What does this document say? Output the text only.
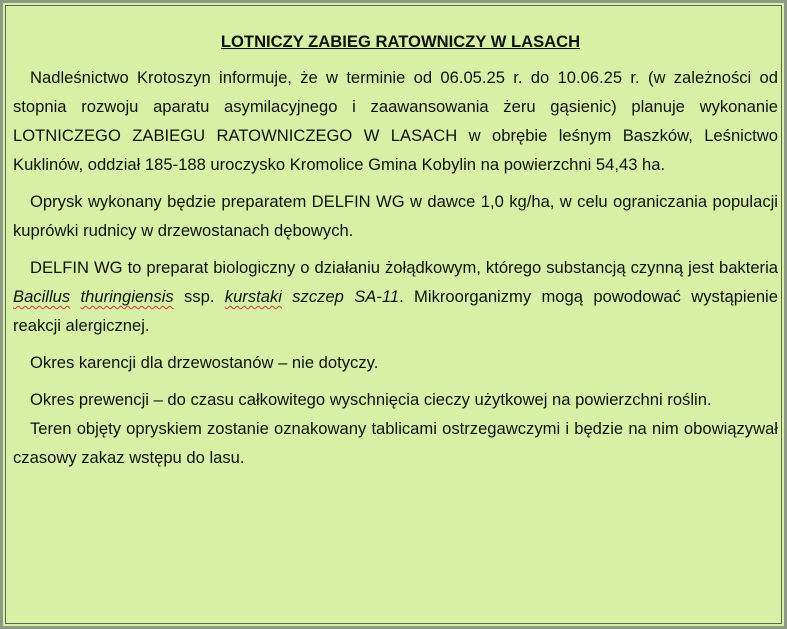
LOTNICZY ZABIEG RATOWNICZY W LASACH

Nadleśnictwo Krotoszyn informuje, że w terminie od 06.05.25 r. do 10.06.25 r. (w zależności od stopnia rozwoju aparatu asymilacyjnego i zaawansowania żeru gąsienic) planuje wykonanie LOTNICZEGO ZABIEGU RATOWNICZEGO W LASACH w obrębie leśnym Baszków, Leśnictwo Kuklinów, oddział 185-188 uroczysko Kromolice Gmina Kobylin na powierzchni 54,43 ha.

Oprysk wykonany będzie preparatem DELFIN WG w dawce 1,0 kg/ha, w celu ograniczania populacji kuprówki rudnicy w drzewostanach dębowych.

DELFIN WG to preparat biologiczny o działaniu żołądkowym, którego substancją czynną jest bakteria Bacillus thuringiensis ssp. kurstaki szczep SA-11. Mikroorganizmy mogą powodować wystąpienie reakcji alergicznej.

Okres karencji dla drzewostanów – nie dotyczy.

Okres prewencji – do czasu całkowitego wyschnięcia cieczy użytkowej na powierzchni roślin.

Teren objęty opryskiem zostanie oznakowany tablicami ostrzegawczymi i będzie na nim obowiązywał czasowy zakaz wstępu do lasu.
